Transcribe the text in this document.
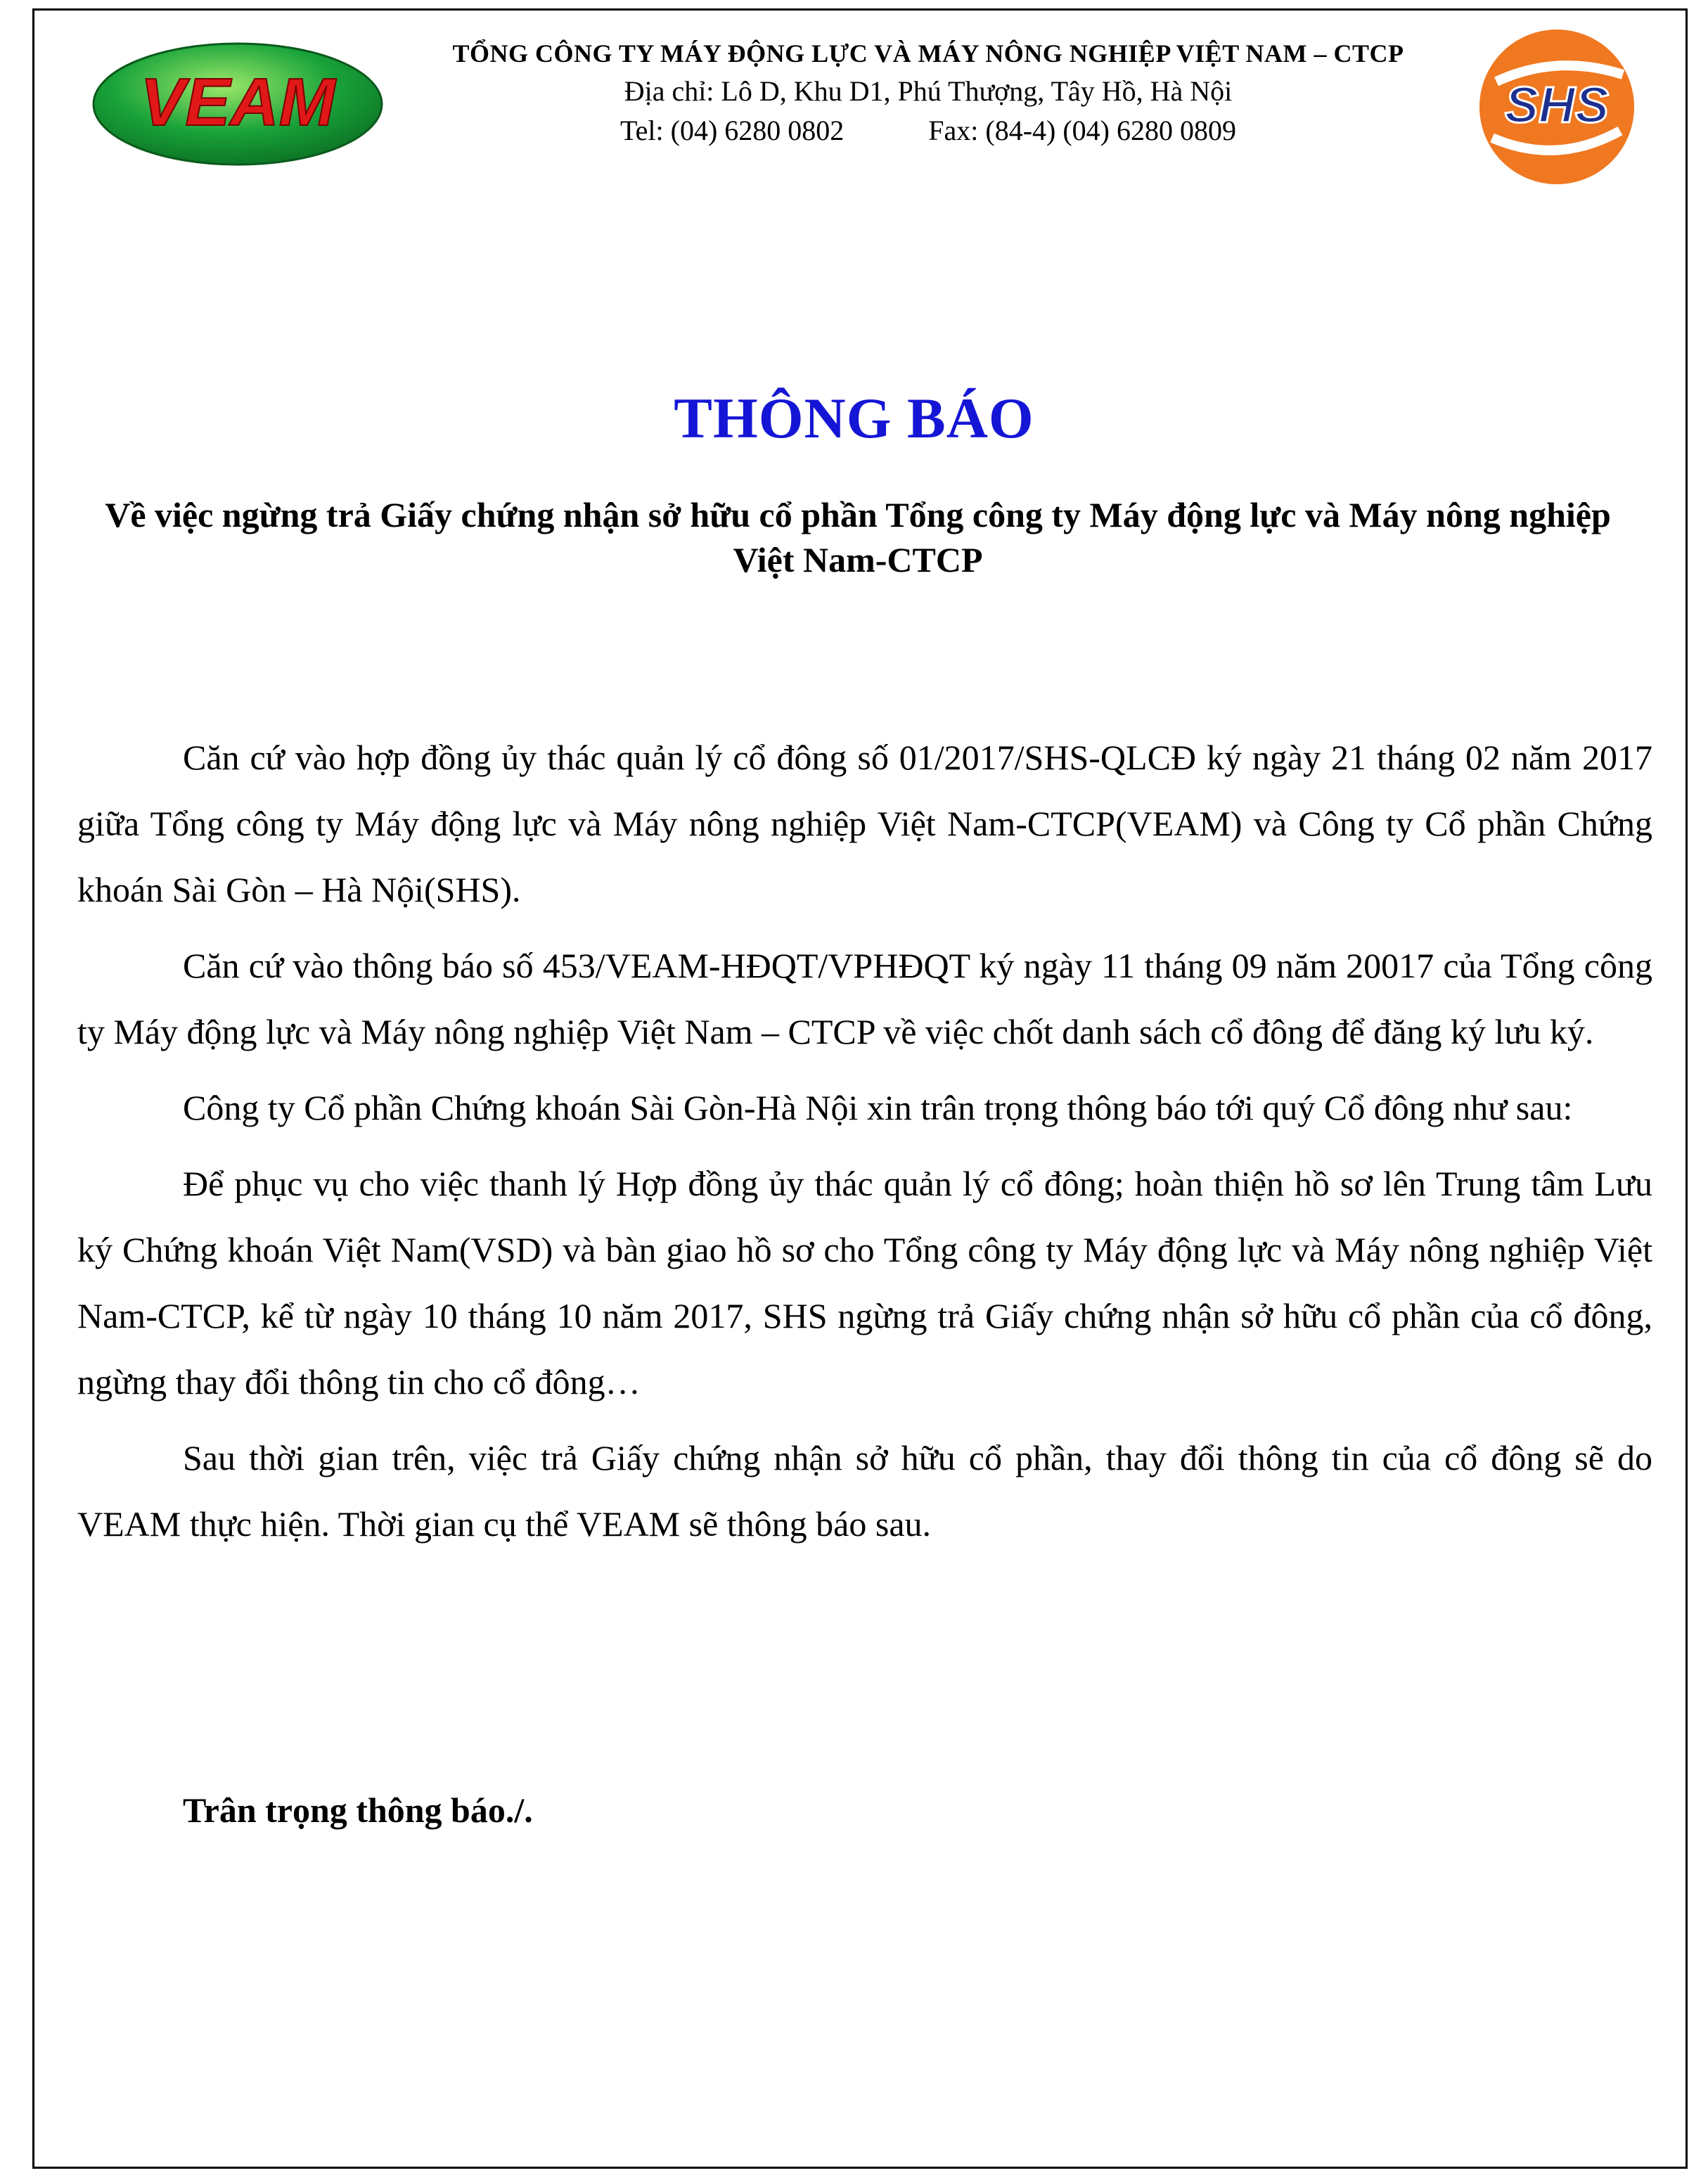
VEAM	SHS
TỔNG CÔNG TY MÁY ĐỘNG LỰC VÀ MÁY NÔNG NGHIỆP VIỆT NAM – CTCP
Địa chỉ: Lô D, Khu D1, Phú Thượng, Tây Hồ, Hà Nội
Tel: (04) 6280 0802	Fax: (84-4) (04) 6280 0809
THÔNG BÁO
Về việc ngừng trả Giấy chứng nhận sở hữu cổ phần Tổng công ty Máy động lực và Máy nông nghiệp Việt Nam-CTCP

Căn cứ vào hợp đồng ủy thác quản lý cổ đông số 01/2017/SHS-QLCĐ ký ngày 21 tháng 02 năm 2017 giữa Tổng công ty Máy động lực và Máy nông nghiệp Việt Nam-CTCP(VEAM) và Công ty Cổ phần Chứng khoán Sài Gòn – Hà Nội(SHS).

Căn cứ vào thông báo số 453/VEAM-HĐQT/VPHĐQT ký ngày 11 tháng 09 năm 20017 của Tổng công ty Máy động lực và Máy nông nghiệp Việt Nam – CTCP về việc chốt danh sách cổ đông để đăng ký lưu ký.

Công ty Cổ phần Chứng khoán Sài Gòn-Hà Nội xin trân trọng thông báo tới quý Cổ đông như sau:

Để phục vụ cho việc thanh lý Hợp đồng ủy thác quản lý cổ đông; hoàn thiện hồ sơ lên Trung tâm Lưu ký Chứng khoán Việt Nam(VSD) và bàn giao hồ sơ cho Tổng công ty Máy động lực và Máy nông nghiệp Việt Nam-CTCP, kể từ ngày 10 tháng 10 năm 2017, SHS ngừng trả Giấy chứng nhận sở hữu cổ phần của cổ đông, ngừng thay đổi thông tin cho cổ đông…

Sau thời gian trên, việc trả Giấy chứng nhận sở hữu cổ phần, thay đổi thông tin của cổ đông sẽ do VEAM thực hiện. Thời gian cụ thể VEAM sẽ thông báo sau.

Trân trọng thông báo./.
